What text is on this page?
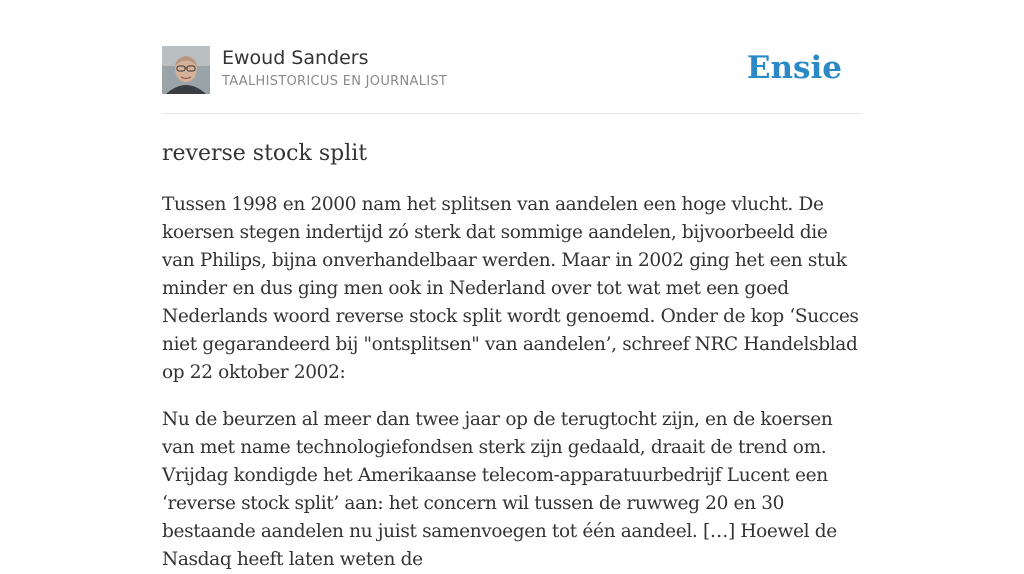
Ewoud Sanders
TAALHISTORICUS EN JOURNALIST	Ensie
reverse stock split

Tussen 1998 en 2000 nam het splitsen van aandelen een hoge vlucht. De koersen stegen indertijd zó sterk dat sommige aandelen, bijvoorbeeld die van Philips, bijna onverhandelbaar werden. Maar in 2002 ging het een stuk minder en dus ging men ook in Nederland over tot wat met een goed Nederlands woord reverse stock split wordt genoemd. Onder de kop ‘Succes niet gegarandeerd bij "ontsplitsen" van aandelen’, schreef NRC Handelsblad op 22 oktober 2002:

Nu de beurzen al meer dan twee jaar op de terugtocht zijn, en de koersen van met name technologiefondsen sterk zijn gedaald, draait de trend om. Vrijdag kondigde het Amerikaanse telecom-apparatuurbedrijf Lucent een ‘reverse stock split’ aan: het concern wil tussen de ruwweg 20 en 30 bestaande aandelen nu juist samenvoegen tot één aandeel. […] Hoewel de Nasdaq heeft laten weten de
